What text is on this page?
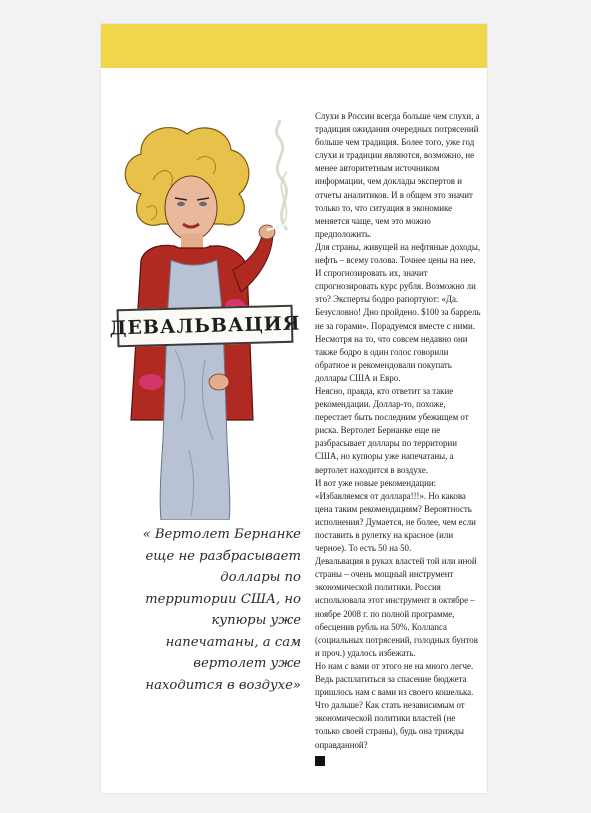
ДЕВАЛЬВАЦИЯ
« Вертолет Бернанке еще не разбрасывает доллары по территории США, но купюры уже напечатаны, а сам вертолет уже находится в воздухе»

Слухи в России всегда больше чем слухи, а традиция ожидания очередных потрясений больше чем традиция. Более того, уже год слухи и традиции являются, возможно, не менее авторитетным источником информации, чем доклады экспертов и отчеты аналитиков. И в общем это значит только то, что ситуация в экономике меняется чаще, чем это можно предположить.

Для страны, живущей на нефтяные доходы, нефть – всему голова. Точнее цены на нее. И спрогнозировать их, значит спрогнозировать курс рубля. Возможно ли это? Эксперты бодро рапортуют: «Да. Безусловно! Дно пройдено. $100 за баррель не за горами». Порадуемся вместе с ними. Несмотря на то, что совсем недавно они также бодро в один голос говорили обратное и рекомендовали покупать доллары США и Евро.

Неясно, правда, кто ответит за такие рекомендации. Доллар-то, похоже, перестает быть последним убежищем от риска. Вертолет Бернанке еще не разбрасывает доллары по территории США, но купюры уже напечатаны, а вертолет находится в воздухе.

И вот уже новые рекомендации: «Избавляемся от доллара!!!». Но какова цена таким рекомендациям? Вероятность исполнения? Думается, не более, чем если поставить в рулетку на красное (или черное). То есть 50 на 50.

Девальвация в руках властей той или иной страны – очень мощный инструмент экономической политики. Россия использовала этот инструмент в октябре – ноябре 2008 г. по полной программе, обесценив рубль на 50%. Коллапса (социальных потрясений, голодных бунтов и проч.) удалось избежать.

Но нам с вами от этого не на много легче. Ведь расплатиться за спасение бюджета пришлось нам с вами из своего кошелька. Что дальше? Как стать независимым от экономической политики властей (не только своей страны), будь она трижды оправданной?
